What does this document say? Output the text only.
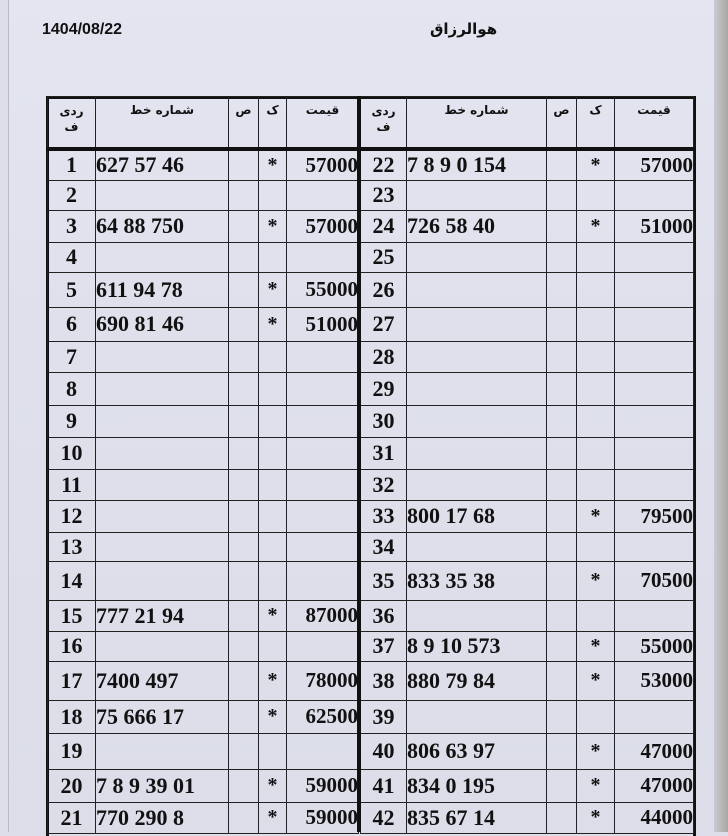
1404/08/22	هوالرزاق
ردی
ف	شماره خط	ص	ک	قیمت
1	627 57 46		*	57000
2				
3	64 88 750		*	57000
4				
5	611 94 78		*	55000
6	690 81 46		*	51000
7				
8				
9				
10				
11				
12				
13				
14				
15	777 21 94		*	87000
16				
17	7400 497		*	78000
18	75 666 17		*	62500
19				
20	7 8 9 39 01		*	59000
21	770 290 8		*	59000
ردی
ف	شماره خط	ص	ک	قیمت
22	7 8 9 0 154		*	57000
23				
24	726 58 40		*	51000
25				
26				
27				
28				
29				
30				
31				
32				
33	800 17 68		*	79500
34				
35	833 35 38		*	70500
36				
37	8 9 10 573		*	55000
38	880 79 84		*	53000
39				
40	806 63 97		*	47000
41	834 0 195		*	47000
42	835 67 14		*	44000
